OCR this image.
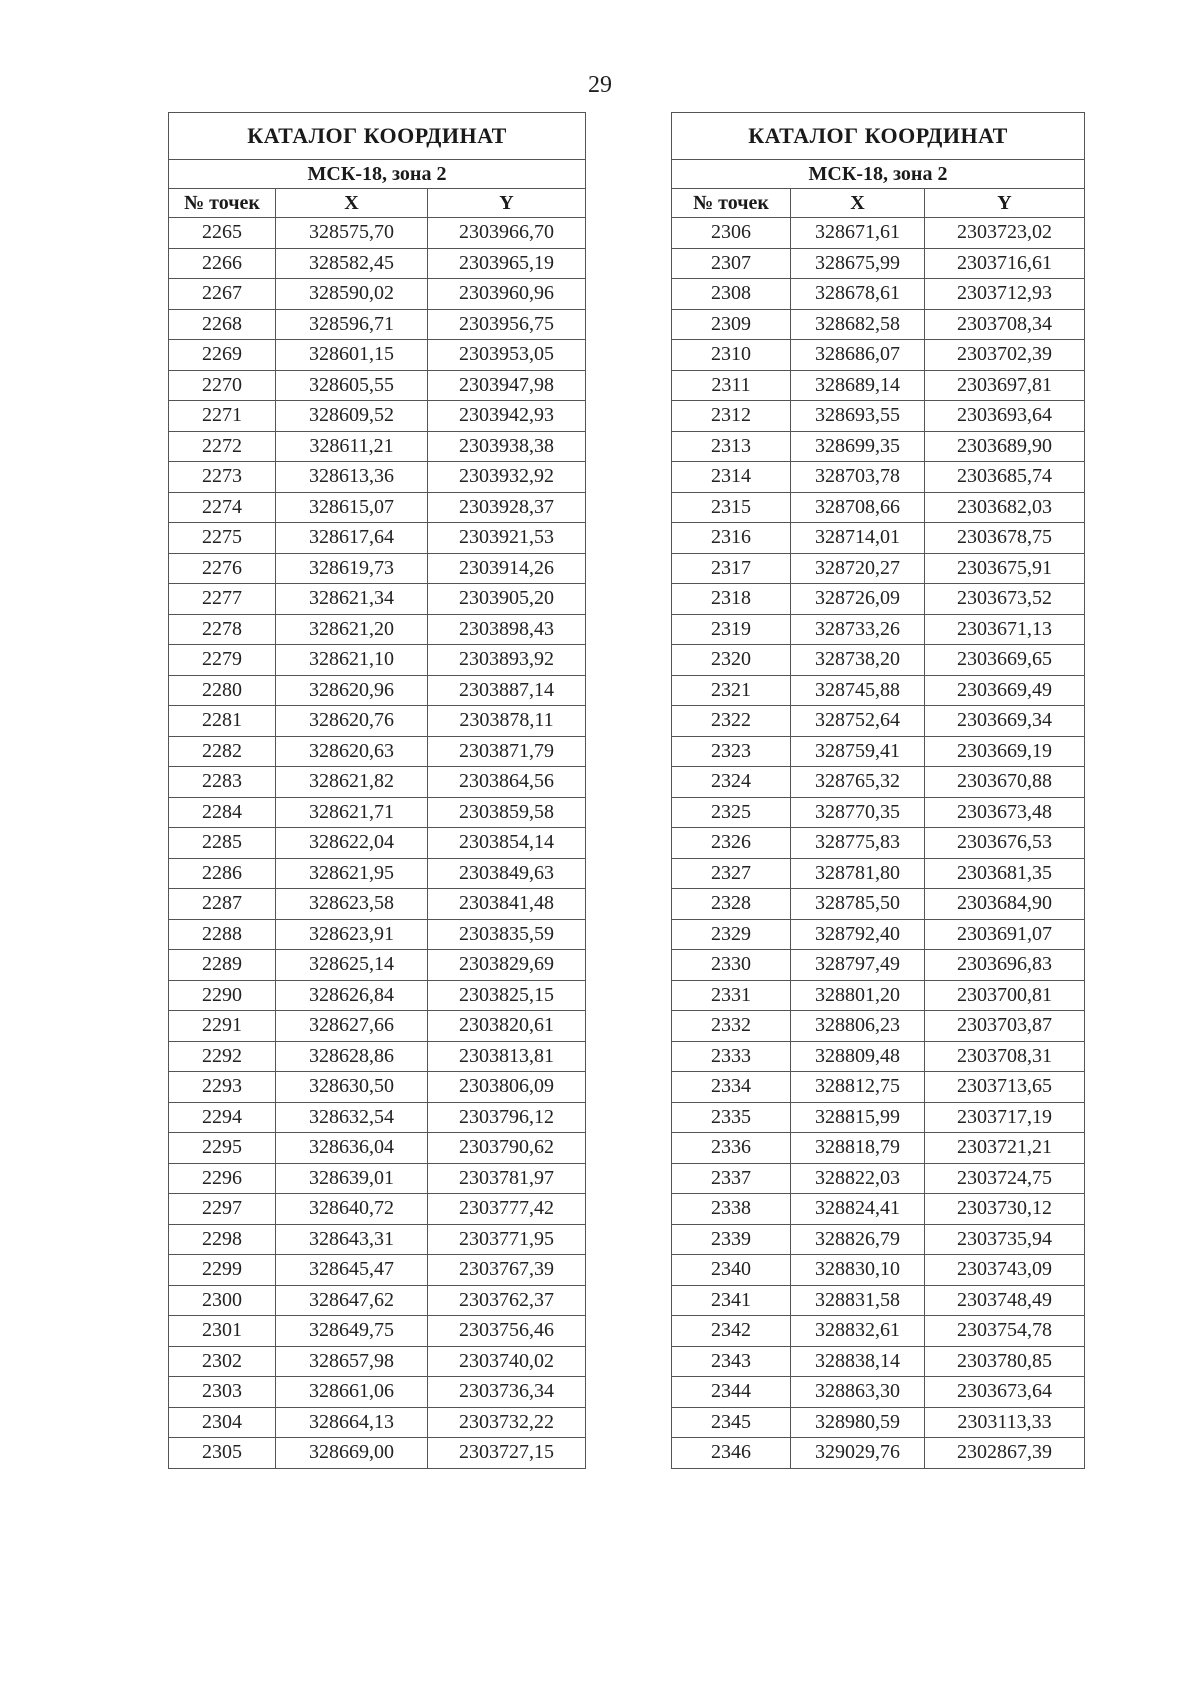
29
КАТАЛОГ КООРДИНАТ		
МСК-18, зона 2		
№ точек	X	Y
2265	328575,70	2303966,70
2266	328582,45	2303965,19
2267	328590,02	2303960,96
2268	328596,71	2303956,75
2269	328601,15	2303953,05
2270	328605,55	2303947,98
2271	328609,52	2303942,93
2272	328611,21	2303938,38
2273	328613,36	2303932,92
2274	328615,07	2303928,37
2275	328617,64	2303921,53
2276	328619,73	2303914,26
2277	328621,34	2303905,20
2278	328621,20	2303898,43
2279	328621,10	2303893,92
2280	328620,96	2303887,14
2281	328620,76	2303878,11
2282	328620,63	2303871,79
2283	328621,82	2303864,56
2284	328621,71	2303859,58
2285	328622,04	2303854,14
2286	328621,95	2303849,63
2287	328623,58	2303841,48
2288	328623,91	2303835,59
2289	328625,14	2303829,69
2290	328626,84	2303825,15
2291	328627,66	2303820,61
2292	328628,86	2303813,81
2293	328630,50	2303806,09
2294	328632,54	2303796,12
2295	328636,04	2303790,62
2296	328639,01	2303781,97
2297	328640,72	2303777,42
2298	328643,31	2303771,95
2299	328645,47	2303767,39
2300	328647,62	2303762,37
2301	328649,75	2303756,46
2302	328657,98	2303740,02
2303	328661,06	2303736,34
2304	328664,13	2303732,22
2305	328669,00	2303727,15
КАТАЛОГ КООРДИНАТ		
МСК-18, зона 2		
№ точек	X	Y
2306	328671,61	2303723,02
2307	328675,99	2303716,61
2308	328678,61	2303712,93
2309	328682,58	2303708,34
2310	328686,07	2303702,39
2311	328689,14	2303697,81
2312	328693,55	2303693,64
2313	328699,35	2303689,90
2314	328703,78	2303685,74
2315	328708,66	2303682,03
2316	328714,01	2303678,75
2317	328720,27	2303675,91
2318	328726,09	2303673,52
2319	328733,26	2303671,13
2320	328738,20	2303669,65
2321	328745,88	2303669,49
2322	328752,64	2303669,34
2323	328759,41	2303669,19
2324	328765,32	2303670,88
2325	328770,35	2303673,48
2326	328775,83	2303676,53
2327	328781,80	2303681,35
2328	328785,50	2303684,90
2329	328792,40	2303691,07
2330	328797,49	2303696,83
2331	328801,20	2303700,81
2332	328806,23	2303703,87
2333	328809,48	2303708,31
2334	328812,75	2303713,65
2335	328815,99	2303717,19
2336	328818,79	2303721,21
2337	328822,03	2303724,75
2338	328824,41	2303730,12
2339	328826,79	2303735,94
2340	328830,10	2303743,09
2341	328831,58	2303748,49
2342	328832,61	2303754,78
2343	328838,14	2303780,85
2344	328863,30	2303673,64
2345	328980,59	2303113,33
2346	329029,76	2302867,39
